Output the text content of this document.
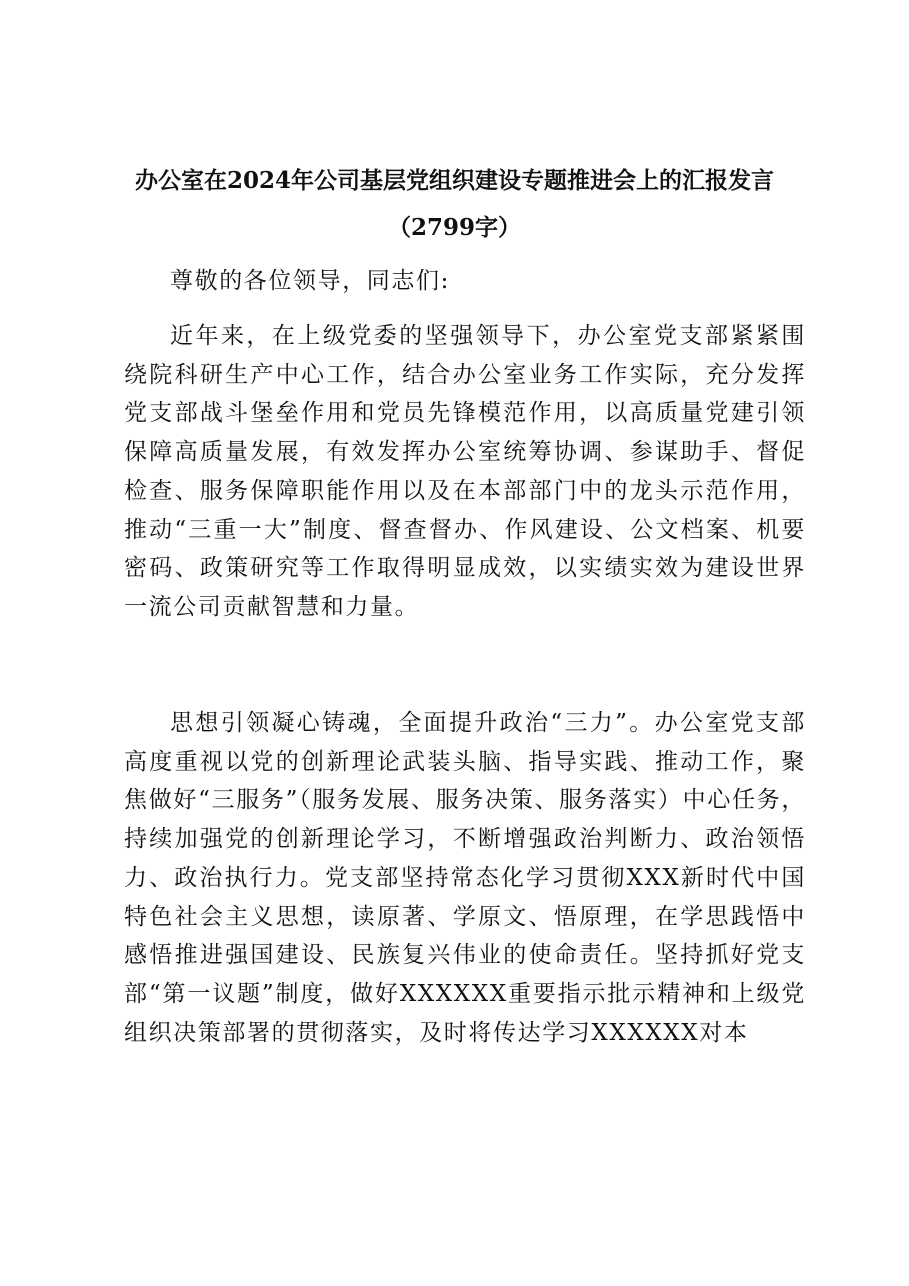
办公室在2024年公司基层党组织建设专题推进会上的汇报发言
（2799字）

尊敬的各位领导，同志们:

近年来，在上级党委的坚强领导下，办公室党支部紧紧围绕院科研生产中心工作，结合办公室业务工作实际，充分发挥党支部战斗堡垒作用和党员先锋模范作用，以高质量党建引领保障高质量发展，有效发挥办公室统筹协调、参谋助手、督促检查、服务保障职能作用以及在本部部门中的龙头示范作用，推动“三重一大”制度、督查督办、作风建设、公文档案、机要密码、政策研究等工作取得明显成效，以实绩实效为建设世界一流公司贡献智慧和力量。

思想引领凝心铸魂，全面提升政治“三力”。办公室党支部高度重视以党的创新理论武装头脑、指导实践、推动工作，聚焦做好“三服务”（服务发展、服务决策、服务落实）中心任务，持续加强党的创新理论学习，不断增强政治判断力、政治领悟力、政治执行力。党支部坚持常态化学习贯彻XXX新时代中国特色社会主义思想，读原著、学原文、悟原理，在学思践悟中感悟推进强国建设、民族复兴伟业的使命责任。坚持抓好党支部“第一议题”制度，做好XXXXXX重要指示批示精神和上级党组织决策部署的贯彻落实，及时将传达学习XXXXXX对本
